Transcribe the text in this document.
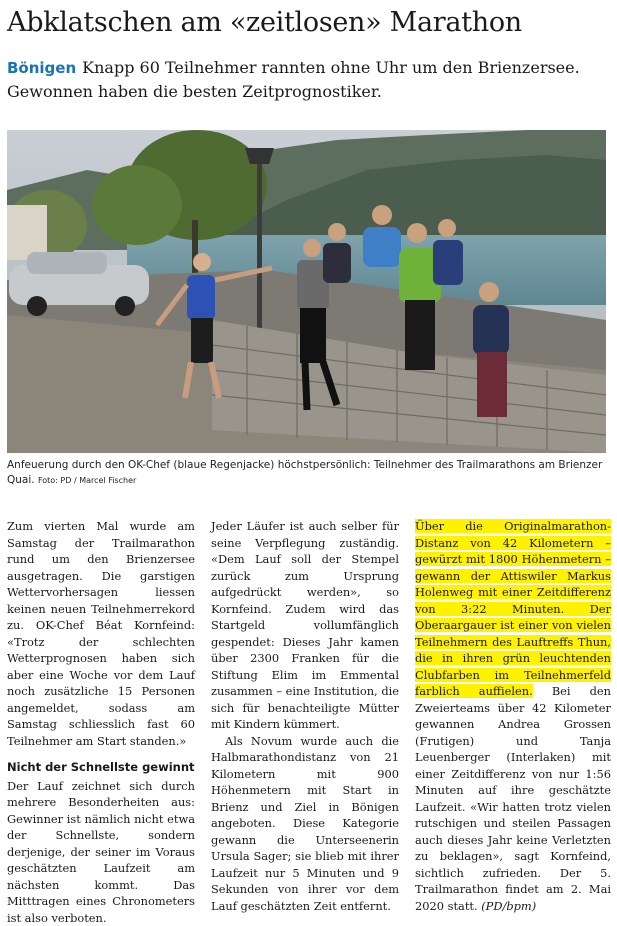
Abklatschen am «zeitlosen» Marathon
Bönigen Knapp 60 Teilnehmer rannten ohne Uhr um den Brienzersee. Gewonnen haben die besten Zeitprognostiker.
Anfeuerung durch den OK-Chef (blaue Regenjacke) höchstpersönlich: Teilnehmer des Trailmarathons am Brienzer Quai. Foto: PD / Marcel Fischer

Zum vierten Mal wurde am Samstag der Trailmarathon rund um den Brienzersee ausgetragen. Die garstigen Wettervorhersagen liessen keinen neuen Teilnehmerrekord zu. OK-Chef Béat Kornfeind: «Trotz der schlechten Wetterprognosen haben sich aber eine Woche vor dem Lauf noch zusätzliche 15 Personen angemeldet, sodass am Samstag schliesslich fast 60 Teilnehmer am Start standen.»

Nicht der Schnellste gewinnt

Der Lauf zeichnet sich durch mehrere Besonderheiten aus: Gewinner ist nämlich nicht etwa der Schnellste, sondern derjenige, der seiner im Voraus geschätzten Laufzeit am nächsten kommt. Das Mitttragen eines Chronometers ist also verboten.

Jeder Läufer ist auch selber für seine Verpflegung zuständig. «Dem Lauf soll der Stempel zurück zum Ursprung aufgedrückt werden», so Kornfeind. Zudem wird das Startgeld vollumfänglich gespendet: Dieses Jahr kamen über 2300 Franken für die Stiftung Elim im Emmental zusammen – eine Institution, die sich für benachteiligte Mütter mit Kindern kümmert.

Als Novum wurde auch die Halbmarathondistanz von 21 Kilometern mit 900 Höhenmetern mit Start in Brienz und Ziel in Bönigen angeboten. Diese Kategorie gewann die Unterseenerin Ursula Sager; sie blieb mit ihrer Laufzeit nur 5 Minuten und 9 Sekunden von ihrer vor dem Lauf geschätzten Zeit entfernt.

Über die Originalmarathon-Distanz von 42 Kilometern – gewürzt mit 1800 Höhenmetern – gewann der Attiswiler Markus Holenweg mit einer Zeitdifferenz von 3:22 Minuten. Der Oberaargauer ist einer von vielen Teilnehmern des Lauftreffs Thun, die in ihren grün leuchtenden Clubfarben im Teilnehmerfeld farblich auffielen. Bei den Zweierteams über 42 Kilometer gewannen Andrea Grossen (Frutigen) und Tanja Leuenberger (Interlaken) mit einer Zeitdifferenz von nur 1:56 Minuten auf ihre geschätzte Laufzeit. «Wir hatten trotz vielen rutschigen und steilen Passagen auch dieses Jahr keine Verletzten zu beklagen», sagt Kornfeind, sichtlich zufrieden. Der 5. Trailmarathon findet am 2. Mai 2020 statt. (PD/bpm)
